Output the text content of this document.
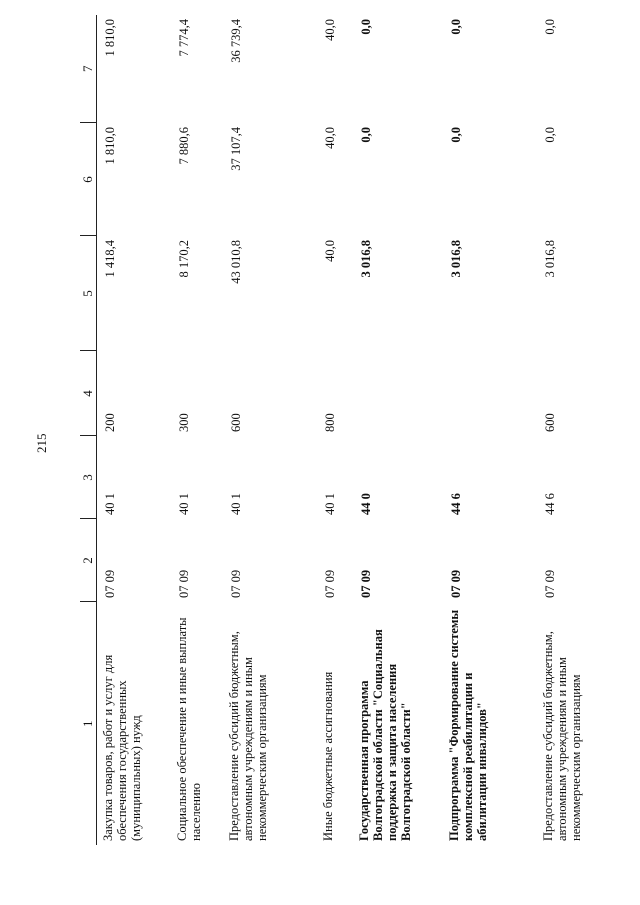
215
1	2	3	4	5	6	7
Закупка товаров, работ и услуг для обеспечения государственных (муниципальных) нужд	07 09	40 1	200	1 418,4	1 810,0	1 810,0
Социальное обеспечение и иные выплаты населению	07 09	40 1	300	8 170,2	7 880,6	7 774,4
Предоставление субсидий бюджетным, автономным учреждениям и иным некоммерческим организациям	07 09	40 1	600	43 010,8	37 107,4	36 739,4
Иные бюджетные ассигнования	07 09	40 1	800	40,0	40,0	40,0
Государственная программа Волгоградской области "Социальная поддержка и защита населения Волгоградской области"	07 09	44 0		3 016,8	0,0	0,0
Подпрограмма "Формирование системы комплексной реабилитации и абилитации инвалидов"	07 09	44 6		3 016,8	0,0	0,0
Предоставление субсидий бюджетным, автономным учреждениям и иным некоммерческим организациям	07 09	44 6	600	3 016,8	0,0	0,0
